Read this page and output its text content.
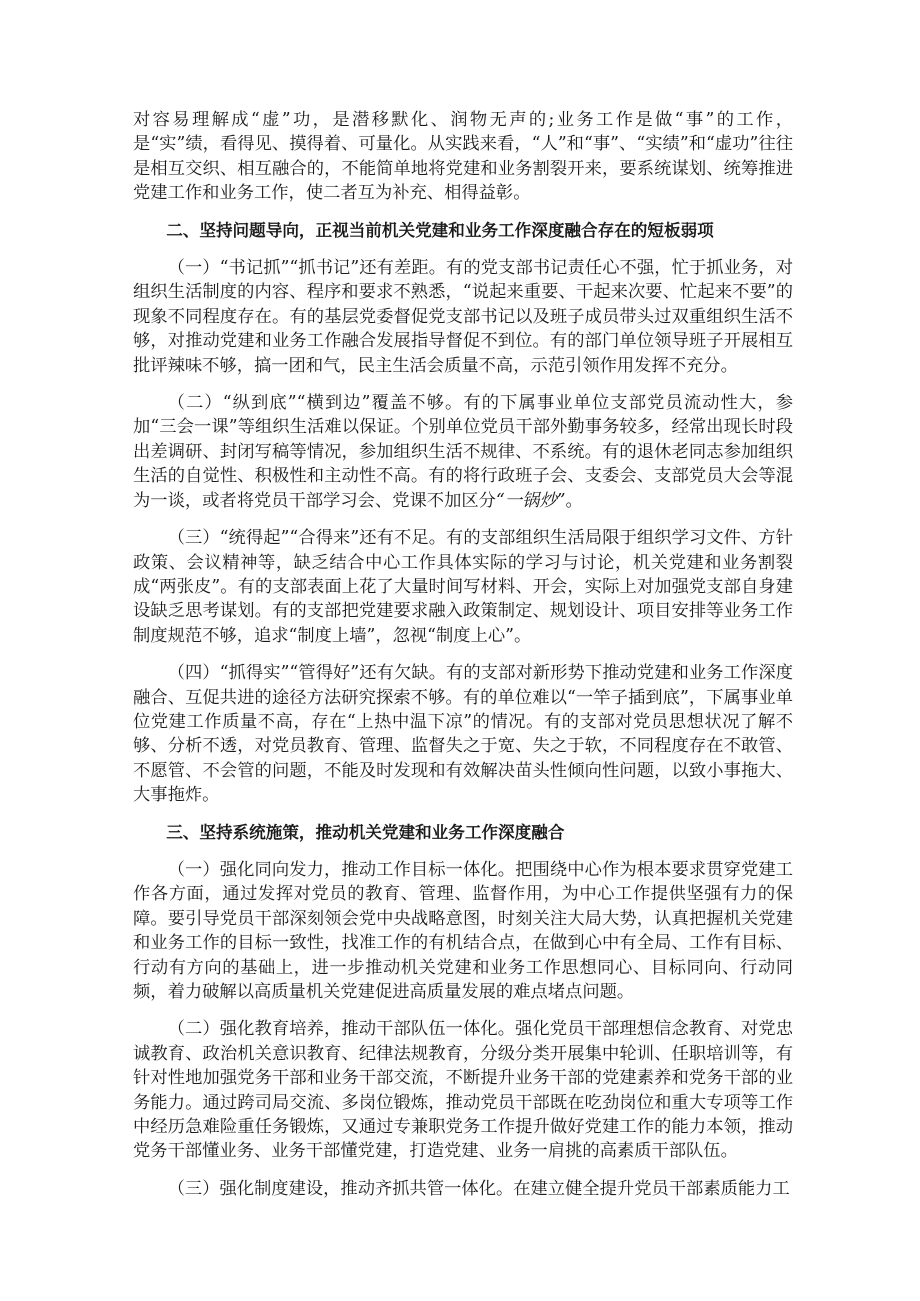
对容易理解成“虚”功，是潜移默化、润物无声的;业务工作是做“事”的工作，是“实”绩，看得见、摸得着、可量化。从实践来看，“人”和“事”、“实绩”和“虚功”往往是相互交织、相互融合的，不能简单地将党建和业务割裂开来，要系统谋划、统筹推进党建工作和业务工作，使二者互为补充、相得益彰。

二、坚持问题导向，正视当前机关党建和业务工作深度融合存在的短板弱项

（一）“书记抓”“抓书记”还有差距。有的党支部书记责任心不强，忙于抓业务，对组织生活制度的内容、程序和要求不熟悉，“说起来重要、干起来次要、忙起来不要”的现象不同程度存在。有的基层党委督促党支部书记以及班子成员带头过双重组织生活不够，对推动党建和业务工作融合发展指导督促不到位。有的部门单位领导班子开展相互批评辣味不够，搞一团和气，民主生活会质量不高，示范引领作用发挥不充分。

（二）“纵到底”“横到边”覆盖不够。有的下属事业单位支部党员流动性大，参加“三会一课”等组织生活难以保证。个别单位党员干部外勤事务较多，经常出现长时段出差调研、封闭写稿等情况，参加组织生活不规律、不系统。有的退休老同志参加组织生活的自觉性、积极性和主动性不高。有的将行政班子会、支委会、支部党员大会等混为一谈，或者将党员干部学习会、党课不加区分“一锅炒”。

（三）“统得起”“合得来”还有不足。有的支部组织生活局限于组织学习文件、方针政策、会议精神等，缺乏结合中心工作具体实际的学习与讨论，机关党建和业务割裂成“两张皮”。有的支部表面上花了大量时间写材料、开会，实际上对加强党支部自身建设缺乏思考谋划。有的支部把党建要求融入政策制定、规划设计、项目安排等业务工作制度规范不够，追求“制度上墙”，忽视“制度上心”。

（四）“抓得实”“管得好”还有欠缺。有的支部对新形势下推动党建和业务工作深度融合、互促共进的途径方法研究探索不够。有的单位难以“一竿子插到底”，下属事业单位党建工作质量不高，存在“上热中温下凉”的情况。有的支部对党员思想状况了解不够、分析不透，对党员教育、管理、监督失之于宽、失之于软，不同程度存在不敢管、不愿管、不会管的问题，不能及时发现和有效解决苗头性倾向性问题，以致小事拖大、大事拖炸。

三、坚持系统施策，推动机关党建和业务工作深度融合

（一）强化同向发力，推动工作目标一体化。把围绕中心作为根本要求贯穿党建工作各方面，通过发挥对党员的教育、管理、监督作用，为中心工作提供坚强有力的保障。要引导党员干部深刻领会党中央战略意图，时刻关注大局大势，认真把握机关党建和业务工作的目标一致性，找准工作的有机结合点，在做到心中有全局、工作有目标、行动有方向的基础上，进一步推动机关党建和业务工作思想同心、目标同向、行动同频，着力破解以高质量机关党建促进高质量发展的难点堵点问题。

（二）强化教育培养，推动干部队伍一体化。强化党员干部理想信念教育、对党忠诚教育、政治机关意识教育、纪律法规教育，分级分类开展集中轮训、任职培训等，有针对性地加强党务干部和业务干部交流，不断提升业务干部的党建素养和党务干部的业务能力。通过跨司局交流、多岗位锻炼，推动党员干部既在吃劲岗位和重大专项等工作中经历急难险重任务锻炼，又通过专兼职党务工作提升做好党建工作的能力本领，推动党务干部懂业务、业务干部懂党建，打造党建、业务一肩挑的高素质干部队伍。

（三）强化制度建设，推动齐抓共管一体化。在建立健全提升党员干部素质能力工
